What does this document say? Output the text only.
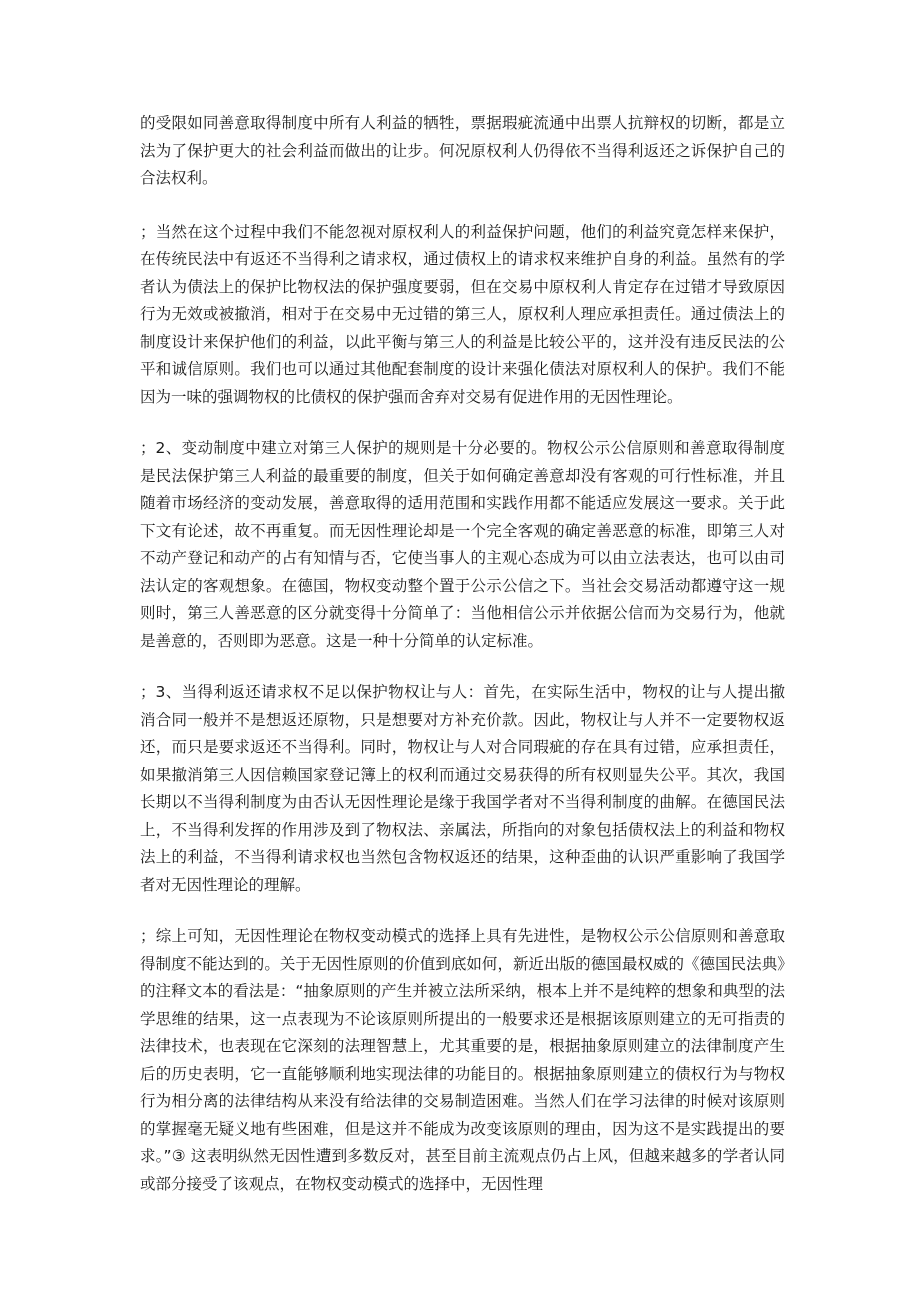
的受限如同善意取得制度中所有人利益的牺牲，票据瑕疵流通中出票人抗辩权的切断，都是立法为了保护更大的社会利益而做出的让步。何况原权利人仍得依不当得利返还之诉保护自己的合法权利。

；当然在这个过程中我们不能忽视对原权利人的利益保护问题，他们的利益究竟怎样来保护，在传统民法中有返还不当得利之请求权，通过债权上的请求权来维护自身的利益。虽然有的学者认为债法上的保护比物权法的保护强度要弱，但在交易中原权利人肯定存在过错才导致原因行为无效或被撤消，相对于在交易中无过错的第三人，原权利人理应承担责任。通过债法上的制度设计来保护他们的利益，以此平衡与第三人的利益是比较公平的，这并没有违反民法的公平和诚信原则。我们也可以通过其他配套制度的设计来强化债法对原权利人的保护。我们不能因为一味的强调物权的比债权的保护强而舍弃对交易有促进作用的无因性理论。

；2、变动制度中建立对第三人保护的规则是十分必要的。物权公示公信原则和善意取得制度是民法保护第三人利益的最重要的制度，但关于如何确定善意却没有客观的可行性标准，并且随着市场经济的变动发展，善意取得的适用范围和实践作用都不能适应发展这一要求。关于此下文有论述，故不再重复。而无因性理论却是一个完全客观的确定善恶意的标准，即第三人对不动产登记和动产的占有知情与否，它使当事人的主观心态成为可以由立法表达，也可以由司法认定的客观想象。在德国，物权变动整个置于公示公信之下。当社会交易活动都遵守这一规则时，第三人善恶意的区分就变得十分简单了：当他相信公示并依据公信而为交易行为，他就是善意的，否则即为恶意。这是一种十分简单的认定标准。

；3、当得利返还请求权不足以保护物权让与人：首先，在实际生活中，物权的让与人提出撤消合同一般并不是想返还原物，只是想要对方补充价款。因此，物权让与人并不一定要物权返还，而只是要求返还不当得利。同时，物权让与人对合同瑕疵的存在具有过错，应承担责任，如果撤消第三人因信赖国家登记簿上的权利而通过交易获得的所有权则显失公平。其次，我国长期以不当得利制度为由否认无因性理论是缘于我国学者对不当得利制度的曲解。在德国民法上，不当得利发挥的作用涉及到了物权法、亲属法，所指向的对象包括债权法上的利益和物权法上的利益，不当得利请求权也当然包含物权返还的结果，这种歪曲的认识严重影响了我国学者对无因性理论的理解。

；综上可知，无因性理论在物权变动模式的选择上具有先进性，是物权公示公信原则和善意取得制度不能达到的。关于无因性原则的价值到底如何，新近出版的德国最权威的《德国民法典》的注释文本的看法是：“抽象原则的产生并被立法所采纳，根本上并不是纯粹的想象和典型的法学思维的结果，这一点表现为不论该原则所提出的一般要求还是根据该原则建立的无可指责的法律技术，也表现在它深刻的法理智慧上，尤其重要的是，根据抽象原则建立的法律制度产生后的历史表明，它一直能够顺利地实现法律的功能目的。根据抽象原则建立的债权行为与物权行为相分离的法律结构从来没有给法律的交易制造困难。当然人们在学习法律的时候对该原则的掌握毫无疑义地有些困难，但是这并不能成为改变该原则的理由，因为这不是实践提出的要求。”③ 这表明纵然无因性遭到多数反对，甚至目前主流观点仍占上风，但越来越多的学者认同或部分接受了该观点，在物权变动模式的选择中，无因性理
